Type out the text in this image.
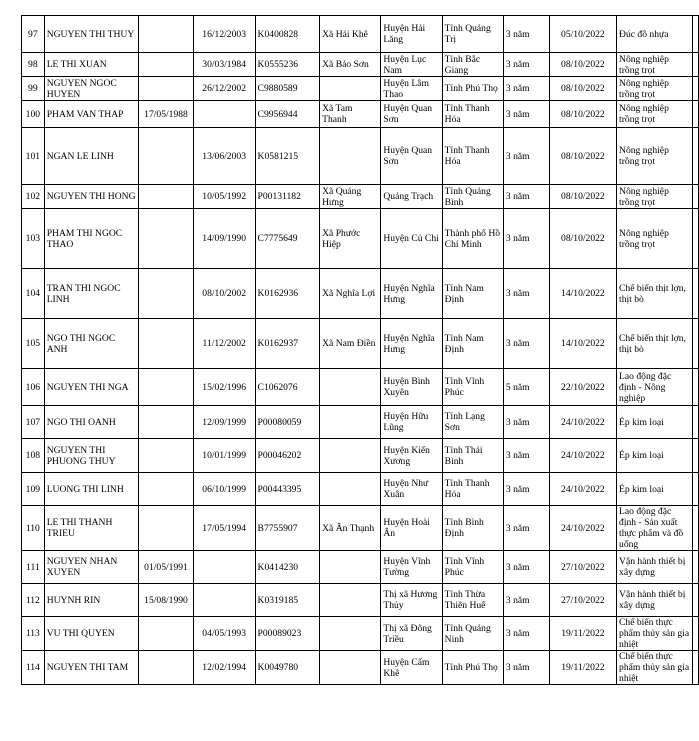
97	NGUYEN THI THUY		16/12/2003	K0400828	Xã Hải Khê	Huyện Hải Lăng	Tỉnh Quảng Trị	3 năm	05/10/2022	Đúc đồ nhựa	
98	LE THI XUAN		30/03/1984	K0555236	Xã Bảo Sơn	Huyện Lục Nam	Tỉnh Bắc Giang	3 năm	08/10/2022	Nông nghiệp trồng trọt	
99	NGUYEN NGOC HUYEN		26/12/2002	C9880589		Huyện Lâm Thao	Tỉnh Phú Thọ	3 năm	08/10/2022	Nông nghiệp trồng trọt	
100	PHAM VAN THAP	17/05/1988		C9956944	Xã Tam Thanh	Huyện Quan Sơn	Tỉnh Thanh Hóa	3 năm	08/10/2022	Nông nghiệp trồng trọt	
101	NGAN LE LINH		13/06/2003	K0581215		Huyện Quan Sơn	Tỉnh Thanh Hóa	3 năm	08/10/2022	Nông nghiệp trồng trọt	
102	NGUYEN THI HONG		10/05/1992	P00131182	Xã Quảng Hưng	Quảng Trạch	Tỉnh Quảng Bình	3 năm	08/10/2022	Nông nghiệp trồng trọt	
103	PHAM THI NGOC THAO		14/09/1990	C7775649	Xã Phước Hiệp	Huyện Củ Chi	Thành phố Hồ Chí Minh	3 năm	08/10/2022	Nông nghiệp trồng trọt	
104	TRAN THI NGOC LINH		08/10/2002	K0162936	Xã Nghĩa Lợi	Huyện Nghĩa Hưng	Tỉnh Nam Định	3 năm	14/10/2022	Chế biến thịt lợn, thịt bò	
105	NGO THI NGOC ANH		11/12/2002	K0162937	Xã Nam Điền	Huyện Nghĩa Hưng	Tỉnh Nam Định	3 năm	14/10/2022	Chế biến thịt lợn, thịt bò	
106	NGUYEN THI NGA		15/02/1996	C1062076		Huyện Bình Xuyên	Tỉnh Vĩnh Phúc	5 năm	22/10/2022	Lao động đặc định - Nông nghiệp	
107	NGO THI OANH		12/09/1999	P00080059		Huyện Hữu Lũng	Tỉnh Lạng Sơn	3 năm	24/10/2022	Ép kim loại	
108	NGUYEN THI PHUONG THUY		10/01/1999	P00046202		Huyện Kiến Xương	Tỉnh Thái Bình	3 năm	24/10/2022	Ép kim loại	
109	LUONG THI LINH		06/10/1999	P00443395		Huyện Như Xuân	Tỉnh Thanh Hóa	3 năm	24/10/2022	Ép kim loại	
110	LE THI THANH TRIEU		17/05/1994	B7755907	Xã Ân Thạnh	Huyện Hoài Ân	Tỉnh Bình Định	3 năm	24/10/2022	Lao động đặc định - Sản xuất thực phẩm và đồ uống	
111	NGUYEN NHAN XUYEN	01/05/1991		K0414230		Huyện Vĩnh Tường	Tỉnh Vĩnh Phúc	3 năm	27/10/2022	Vận hành thiết bị xây dựng	
112	HUYNH RIN	15/08/1990		K0319185		Thị xã Hương Thủy	Tỉnh Thừa Thiên Huế	3 năm	27/10/2022	Vận hành thiết bị xây dựng	
113	VU THI QUYEN		04/05/1993	P00089023		Thị xã Đông Triều	Tỉnh Quảng Ninh	3 năm	19/11/2022	Chế biến thực phẩm thủy sản gia nhiệt	
114	NGUYEN THI TAM		12/02/1994	K0049780		Huyện Cẩm Khê	Tỉnh Phú Thọ	3 năm	19/11/2022	Chế biến thực phẩm thủy sản gia nhiệt	
